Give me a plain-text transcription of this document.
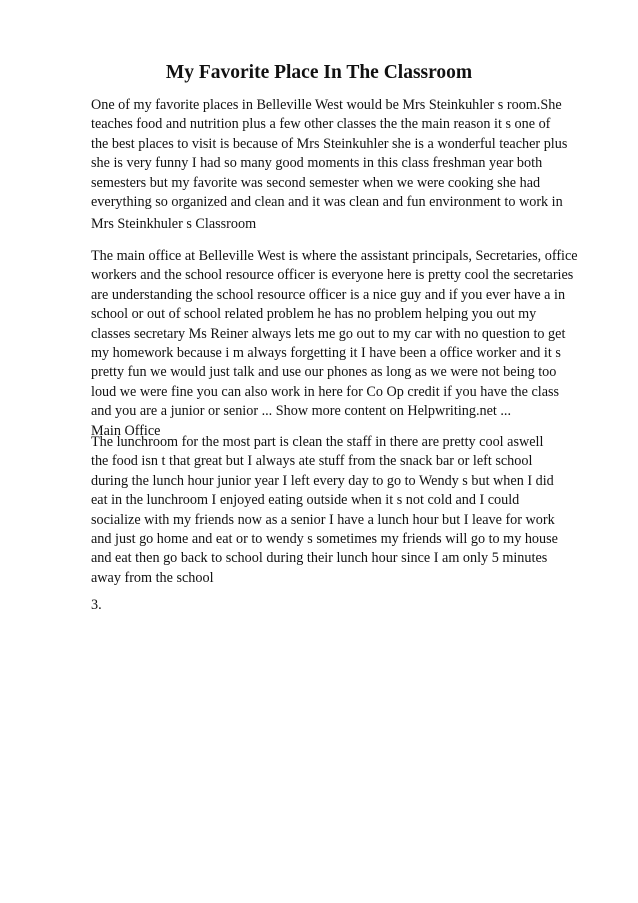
My Favorite Place In The Classroom

One of my favorite places in Belleville West would be Mrs Steinkuhler s room.She
teaches food and nutrition plus a few other classes the the main reason it s one of
the best places to visit is because of Mrs Steinkuhler she is a wonderful teacher plus
she is very funny I had so many good moments in this class freshman year both
semesters but my favorite was second semester when we were cooking she had
everything so organized and clean and it was clean and fun environment to work in

Mrs Steinkhuler s Classroom

The main office at Belleville West is where the assistant principals, Secretaries, office
workers and the school resource officer is everyone here is pretty cool the secretaries
are understanding the school resource officer is a nice guy and if you ever have a in
school or out of school related problem he has no problem helping you out my
classes secretary Ms Reiner always lets me go out to my car with no question to get
my homework because i m always forgetting it I have been a office worker and it s
pretty fun we would just talk and use our phones as long as we were not being too
loud we were fine you can also work in here for Co Op credit if you have the class
and you are a junior or senior ... Show more content on Helpwriting.net ...
Main Office

The lunchroom for the most part is clean the staff in there are pretty cool aswell
the food isn t that great but I always ate stuff from the snack bar or left school
during the lunch hour junior year I left every day to go to Wendy s but when I did
eat in the lunchroom I enjoyed eating outside when it s not cold and I could
socialize with my friends now as a senior I have a lunch hour but I leave for work
and just go home and eat or to wendy s sometimes my friends will go to my house
and eat then go back to school during their lunch hour since I am only 5 minutes
away from the school

3.
